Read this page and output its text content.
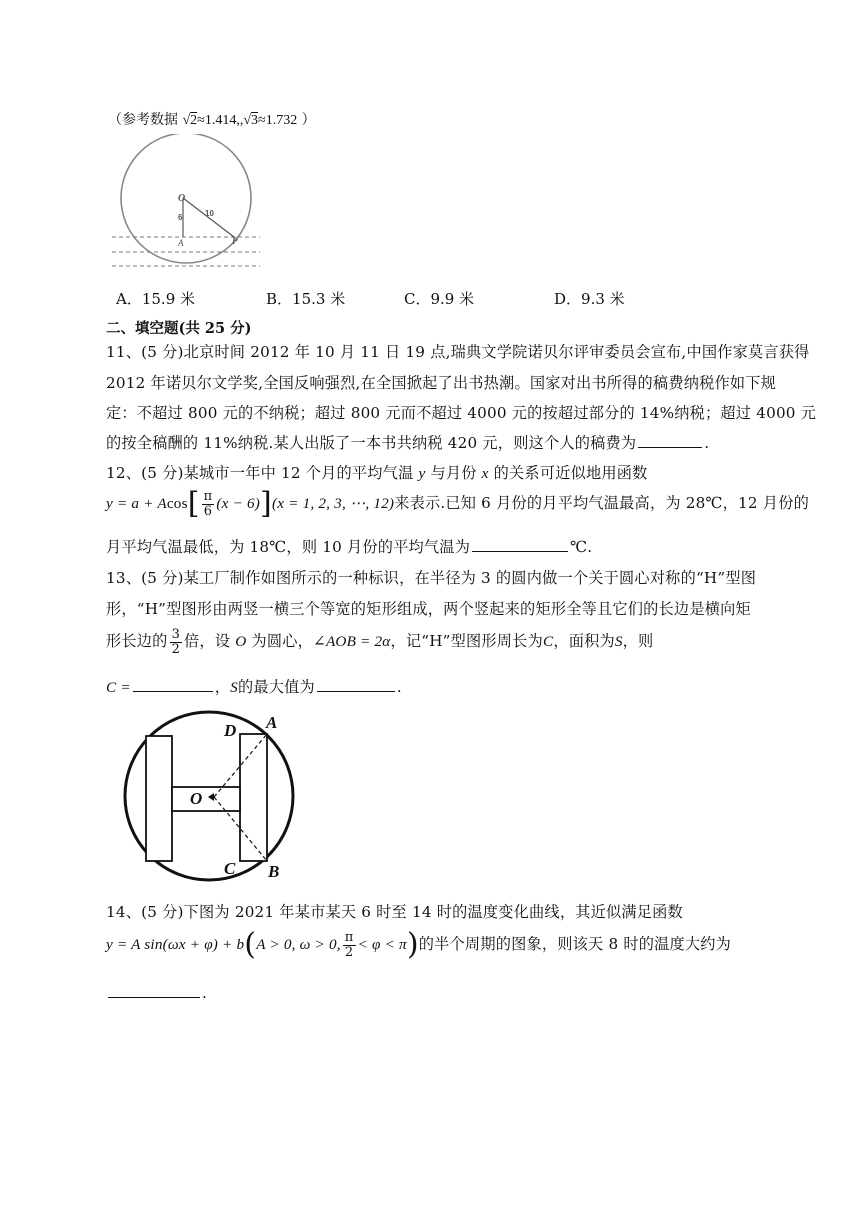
（参考数据 √2≈1.414,,√3≈1.732 ）
O
A	P
6	10
A．15.9 米	B．15.3 米	C．9.9 米	D．9.3 米
二、填空题(共 25 分)
11、(5 分)北京时间 2012 年 10 月 11 日 19 点,瑞典文学院诺贝尔评审委员会宣布,中国作家莫言获得
2012 年诺贝尔文学奖,全国反响强烈,在全国掀起了出书热潮。国家对出书所得的稿费纳税作如下规
定：不超过 800 元的不纳税；超过 800 元而不超过 4000 元的按超过部分的 14%纳税；超过 4000 元
的按全稿酬的 11%纳税.某人出版了一本书共纳税 420 元，则这个人的稿费为	.
12、(5 分)某城市一年中 12 个月的平均气温 y 与月份 x 的关系可近似地用函数
$y = a + Acos[ \frac{\pi}{6} (x - 6)](x = 1$, 2, 3, ⋯, 12)来表示.已知 6 月份的月平均气温最高，为 28℃，12 月份的
月平均气温最低，为 18℃，则 10 月份的平均气温为	℃.
13、(5 分)某工厂制作如图所示的一种标识，在半径为 3 的圆内做一个关于圆心对称的“H”型图
形，“H”型图形由两竖一横三个等宽的矩形组成，两个竖起来的矩形全等且它们的长边是横向矩
形长边的 $\frac{3}{2}$ 倍，设 O 为圆心，∠AOB = 2α，记“H”型图形周长为C，面积为S，则
C =	，S的最大值为	.
D A
O
C B
14、(5 分)下图为 2021 年某市某天 6 时至 14 时的温度变化曲线，其近似满足函数
y = A sin(ωx + φ) + b(A > 0, ω > 0, $\frac{\pi}{2} < \varphi < \pi$)的半个周期的图象，则该天 8 时的温度大约为
.
